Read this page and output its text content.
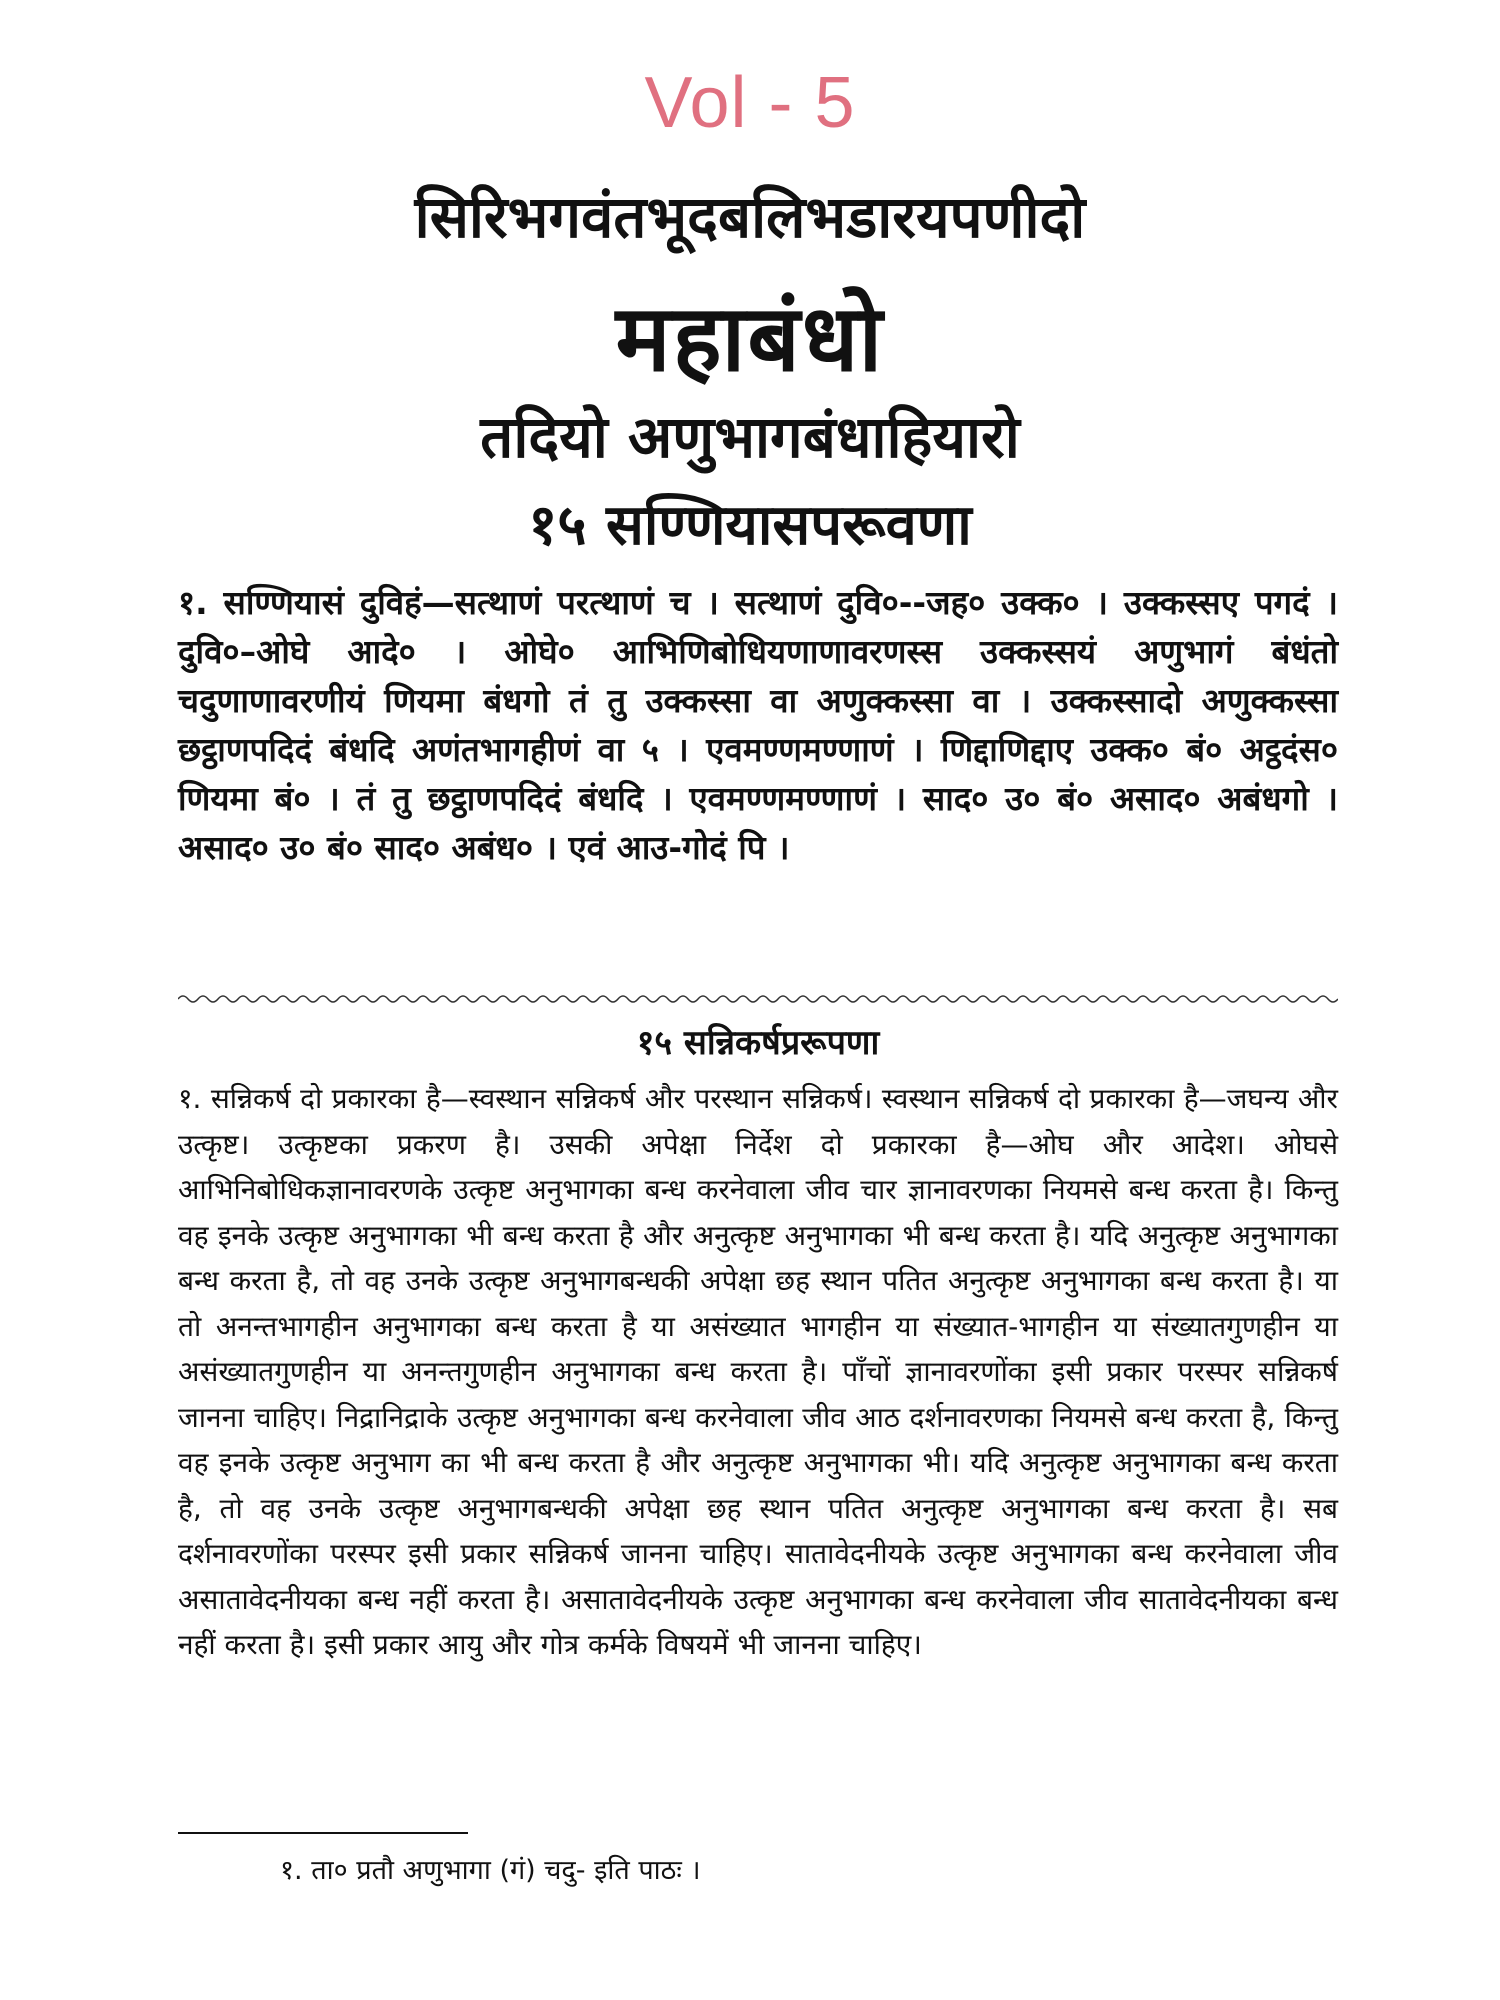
Vol - 5
सिरिभगवंतभूदबलिभडारयपणीदो
महाबंधो
तदियो अणुभागबंधाहियारो
१५ सण्णियासपरूवणा
१. सण्णियासं दुविहं—सत्थाणं परत्थाणं च । सत्थाणं दुवि०--जह० उक्क० । उक्कस्सए पगदं । दुवि०–ओघे आदे० । ओघे० आभिणिबोधियणाणावरणस्स उक्कस्सयं अणुभागं बंधंतो चदुणाणावरणीयं णियमा बंधगो तं तु उक्कस्सा वा अणुक्कस्सा वा । उक्कस्सादो अणुक्कस्सा छट्ठाणपदिदं बंधदि अणंतभागहीणं वा ५ । एवमण्णमण्णाणं । णिद्दाणिद्दाए उक्क० बं० अट्ठदंस० णियमा बं० । तं तु छट्ठाणपदिदं बंधदि । एवमण्णमण्णाणं । साद० उ० बं० असाद० अबंधगो । असाद० उ० बं० साद० अबंध० । एवं आउ-गोदं पि ।
१५ सन्निकर्षप्ररूपणा
१. सन्निकर्ष दो प्रकारका है—स्वस्थान सन्निकर्ष और परस्थान सन्निकर्ष। स्वस्थान सन्निकर्ष दो प्रकारका है—जघन्य और उत्कृष्ट। उत्कृष्टका प्रकरण है। उसकी अपेक्षा निर्देश दो प्रकारका है—ओघ और आदेश। ओघसे आभिनिबोधिकज्ञानावरणके उत्कृष्ट अनुभागका बन्ध करनेवाला जीव चार ज्ञानावरणका नियमसे बन्ध करता है। किन्तु वह इनके उत्कृष्ट अनुभागका भी बन्ध करता है और अनुत्कृष्ट अनुभागका भी बन्ध करता है। यदि अनुत्कृष्ट अनुभागका बन्ध करता है, तो वह उनके उत्कृष्ट अनुभागबन्धकी अपेक्षा छह स्थान पतित अनुत्कृष्ट अनुभागका बन्ध करता है। या तो अनन्तभागहीन अनुभागका बन्ध करता है या असंख्यात भागहीन या संख्यात-भागहीन या संख्यातगुणहीन या असंख्यातगुणहीन या अनन्तगुणहीन अनुभागका बन्ध करता है। पाँचों ज्ञानावरणोंका इसी प्रकार परस्पर सन्निकर्ष जानना चाहिए। निद्रानिद्राके उत्कृष्ट अनुभागका बन्ध करनेवाला जीव आठ दर्शनावरणका नियमसे बन्ध करता है, किन्तु वह इनके उत्कृष्ट अनुभाग का भी बन्ध करता है और अनुत्कृष्ट अनुभागका भी। यदि अनुत्कृष्ट अनुभागका बन्ध करता है, तो वह उनके उत्कृष्ट अनुभागबन्धकी अपेक्षा छह स्थान पतित अनुत्कृष्ट अनुभागका बन्ध करता है। सब दर्शनावरणोंका परस्पर इसी प्रकार सन्निकर्ष जानना चाहिए। सातावेदनीयके उत्कृष्ट अनुभागका बन्ध करनेवाला जीव असातावेदनीयका बन्ध नहीं करता है। असातावेदनीयके उत्कृष्ट अनुभागका बन्ध करनेवाला जीव सातावेदनीयका बन्ध नहीं करता है। इसी प्रकार आयु और गोत्र कर्मके विषयमें भी जानना चाहिए।
१. ता० प्रतौ अणुभागा (गं) चदु- इति पाठः ।
